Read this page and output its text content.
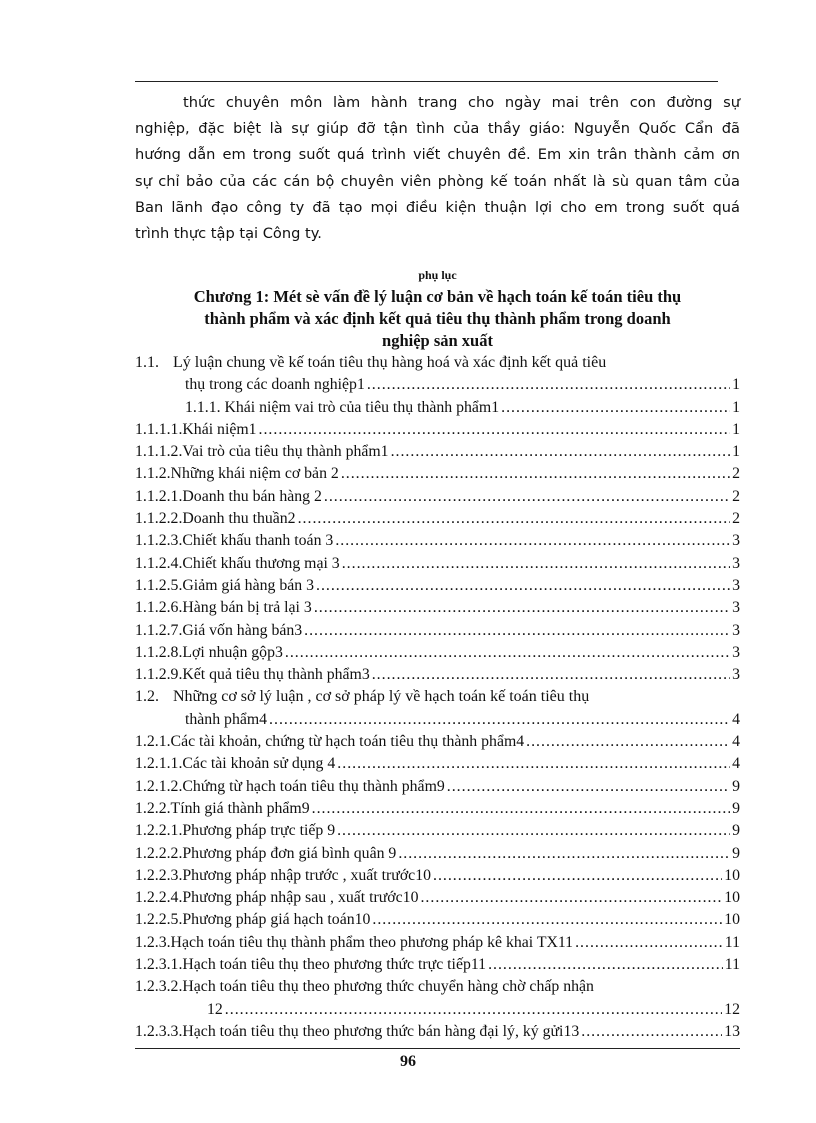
thức chuyên môn làm hành trang cho ngày mai trên con đường sự
nghiệp, đặc biệt là sự giúp đỡ tận tình của thầy giáo: Nguyễn Quốc Cẩn đã
hướng dẫn em trong suốt quá trình viết chuyên đề. Em xin trân thành cảm ơn
sự chỉ bảo của các cán bộ chuyên viên phòng kế toán nhất là sù quan tâm của
Ban lãnh đạo công ty đã tạo mọi điều kiện thuận lợi cho em trong suốt quá
trình thực tập tại Công ty.

phụ lục
Chương 1: Mét sè vấn đề lý luận cơ bản về hạch toán kế toán tiêu thụ
thành phẩm và xác định kết quả tiêu thụ thành phẩm trong doanh
nghiệp sản xuất
1.1. Lý luận chung về kế toán tiêu thụ hàng hoá và xác định kết quả tiêu
thụ trong các doanh nghiệp1 .....	1
1.1.1. Khái niệm vai trò của tiêu thụ thành phẩm1 .....	1
1.1.1.1. Khái niệm1 .....	1
1.1.1.2. Vai trò của tiêu thụ thành phẩm1 .....	1
1.1.2. Những khái niệm cơ bản 2 .....	2
1.1.2.1. Doanh thu bán hàng 2 .....	2
1.1.2.2. Doanh thu thuần2 .....	2
1.1.2.3. Chiết khấu thanh toán 3 .....	3
1.1.2.4. Chiết khấu thương mại 3 .....	3
1.1.2.5. Giảm giá hàng bán 3 .....	3
1.1.2.6. Hàng bán bị trả lại 3 .....	3
1.1.2.7. Giá vốn hàng bán3 .....	3
1.1.2.8. Lợi nhuận gộp3 .....	3
1.1.2.9. Kết quả tiêu thụ thành phẩm3 .....	3
1.2. Những cơ sở lý luận , cơ sở pháp lý về hạch toán kế toán tiêu thụ
thành phẩm4 .....	4
1.2.1. Các tài khoản, chứng từ hạch toán tiêu thụ thành phẩm4 .....	4
1.2.1.1. Các tài khoản sử dụng 4 .....	4
1.2.1.2. Chứng từ hạch toán tiêu thụ thành phẩm9 .....	9
1.2.2. Tính giá thành phẩm9 .....	9
1.2.2.1. Phương pháp trực tiếp 9 .....	9
1.2.2.2. Phương pháp đơn giá bình quân 9 .....	9
1.2.2.3. Phương pháp nhập trước , xuất trước10 .....	10
1.2.2.4. Phương pháp nhập sau , xuất trước10 .....	10
1.2.2.5. Phương pháp giá hạch toán10 .....	10
1.2.3. Hạch toán tiêu thụ thành phẩm theo phương pháp kê khai TX11 .....	11
1.2.3.1. Hạch toán tiêu thụ theo phương thức trực tiếp11 .....	11
1.2.3.2. Hạch toán tiêu thụ theo phương thức chuyển hàng chờ chấp nhận
12 .....	12
1.2.3.3. Hạch toán tiêu thụ theo phương thức bán hàng đại lý, ký gửi13 .....	13
96
